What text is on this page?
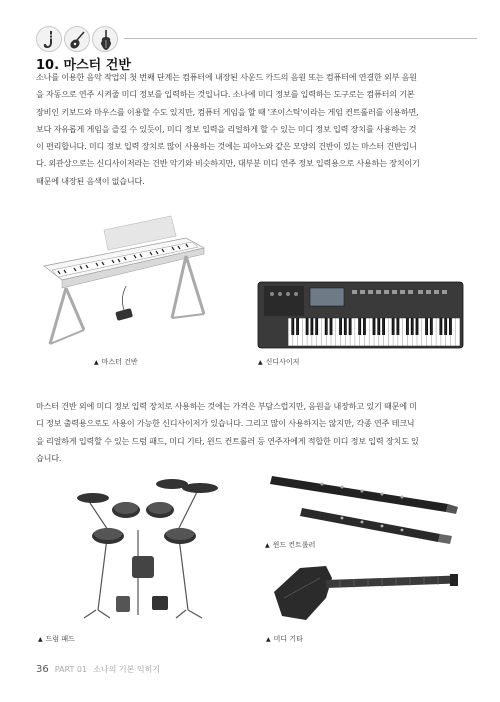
10. 마스터 건반
소나를 이용한 음악 작업의 첫 번째 단계는 컴퓨터에 내장된 사운드 카드의 음원 또는 컴퓨터에 연결한 외부 음원
을 자동으로 연주 시켜줄 미디 정보를 입력하는 것입니다. 소나에 미디 정보를 입력하는 도구로는 컴퓨터의 기본
장비인 키보드와 마우스를 이용할 수도 있지만, 컴퓨터 게임을 할 때 '조이스틱'이라는 게임 컨트롤러를 이용하면,
보다 자유롭게 게임을 즐길 수 있듯이, 미디 정보 입력을 리얼하게 할 수 있는 미디 정보 입력 장치를 사용하는 것
이 편리합니다. 미디 정보 입력 장치로 많이 사용하는 것에는 피아노와 같은 모양의 건반이 있는 마스터 건반입니
다. 외관상으로는 신디사이저라는 건반 악기와 비슷하지만, 대부분 미디 연주 정보 입력용으로 사용하는 장치이기
때문에 내장된 음색이 없습니다.
▲ 마스터 건반	▲ 신디사이저
마스터 건반 외에 미디 정보 입력 장치로 사용하는 것에는 가격은 부담스럽지만, 음원을 내장하고 있기 때문에 미
디 정보 출력용으로도 사용이 가능한 신디사이저가 있습니다. 그리고 많이 사용하지는 않지만, 각종 연주 테크닉
을 리얼하게 입력할 수 있는 드럼 패드, 미디 기타, 윈드 컨트롤러 등 연주자에게 적합한 미디 정보 입력 장치도 있
습니다.
▲ 드럼 패드
▲ 윈드 컨트롤러
▲ 미디 기타
36 PART 01 소나의 기본 익히기
